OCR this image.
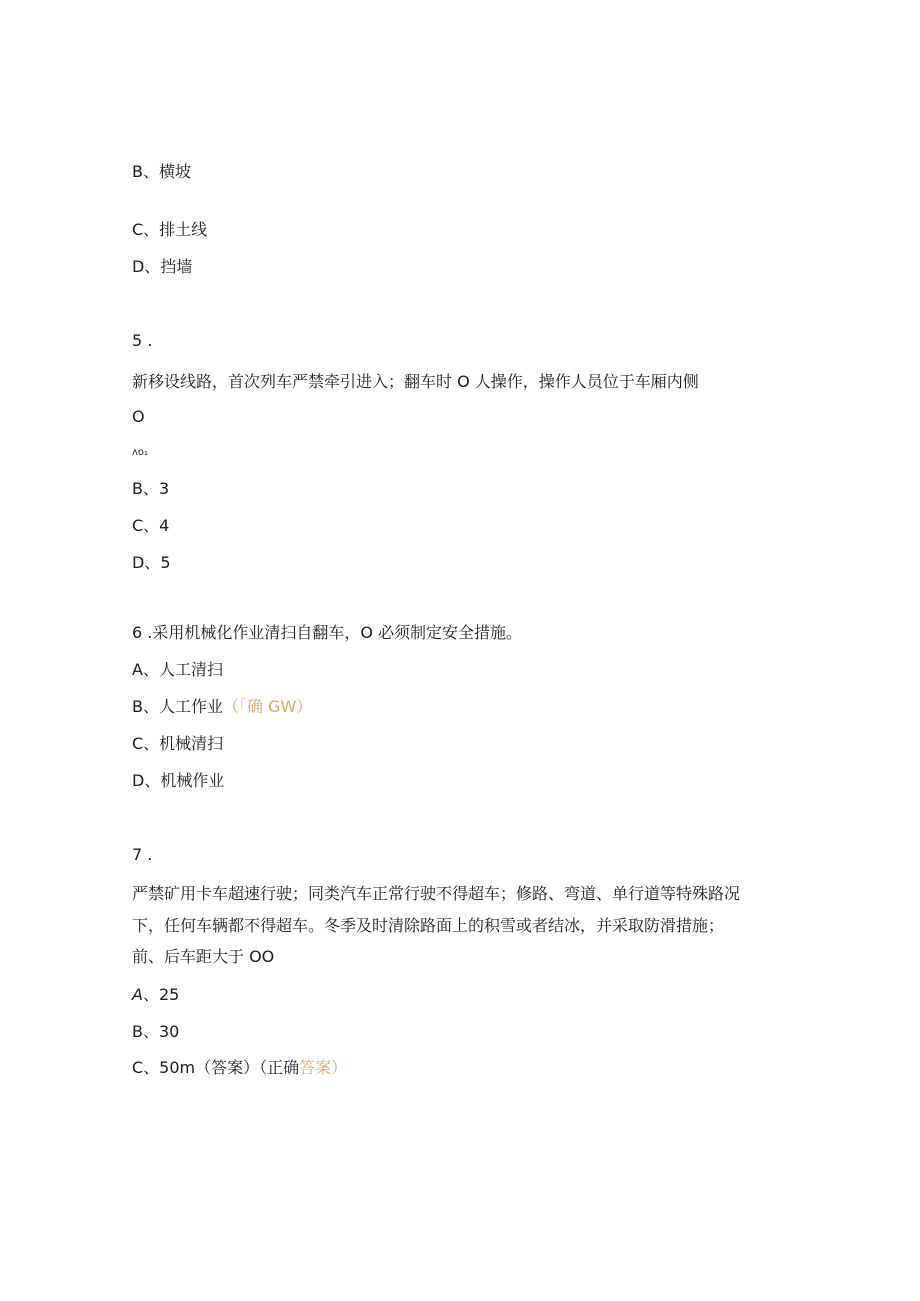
B、横坡
C、排土线
D、挡墙
5 .
新移设线路，首次列车严禁牵引进入；翻车时 O 人操作，操作人员位于车厢内侧
O
ʌo₁
B、3
C、4
D、5
6 .采用机械化作业清扫自翻车，O 必须制定安全措施。
A、人工清扫
B、人工作业（「确 GW）
C、机械清扫
D、机械作业
7 .
严禁矿用卡车超速行驶；同类汽车正常行驶不得超车；修路、弯道、单行道等特殊路况
下，任何车辆都不得超车。冬季及时清除路面上的积雪或者结冰，并采取防滑措施；
前、后车距大于 OO
A、25
B、30
C、50m（答案）（正确答案）
